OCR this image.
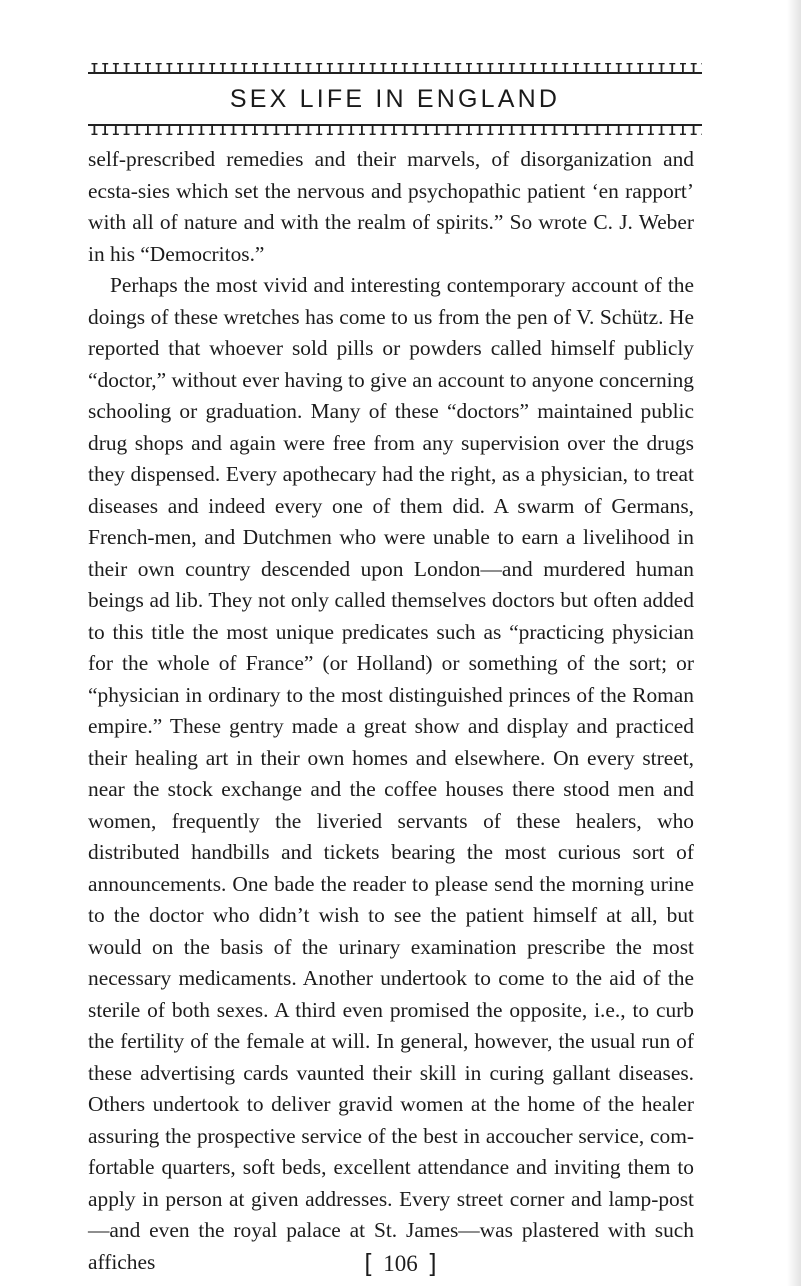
SEX LIFE IN ENGLAND

self-prescribed remedies and their marvels, of disorganization and ecsta-sies which set the nervous and psychopathic patient ‘en rapport’ with all of nature and with the realm of spirits.” So wrote C. J. Weber in his “Democritos.”

Perhaps the most vivid and interesting contemporary account of the doings of these wretches has come to us from the pen of V. Schütz. He reported that whoever sold pills or powders called himself publicly “doctor,” without ever having to give an account to anyone concerning schooling or graduation. Many of these “doctors” maintained public drug shops and again were free from any supervision over the drugs they dispensed. Every apothecary had the right, as a physician, to treat diseases and indeed every one of them did. A swarm of Germans, French-men, and Dutchmen who were unable to earn a livelihood in their own country descended upon London—and murdered human beings ad lib. They not only called themselves doctors but often added to this title the most unique predicates such as “practicing physician for the whole of France” (or Holland) or something of the sort; or “physician in ordinary to the most distinguished princes of the Roman empire.” These gentry made a great show and display and practiced their healing art in their own homes and elsewhere. On every street, near the stock exchange and the coffee houses there stood men and women, frequently the liveried servants of these healers, who distributed handbills and tickets bearing the most curious sort of announcements. One bade the reader to please send the morning urine to the doctor who didn’t wish to see the patient himself at all, but would on the basis of the urinary examination prescribe the most necessary medicaments. Another undertook to come to the aid of the sterile of both sexes. A third even promised the opposite, i.e., to curb the fertility of the female at will. In general, however, the usual run of these advertising cards vaunted their skill in curing gallant diseases. Others undertook to deliver gravid women at the home of the healer assuring the prospective service of the best in accoucher service, com-fortable quarters, soft beds, excellent attendance and inviting them to apply in person at given addresses. Every street corner and lamp-post—and even the royal palace at St. James—was plastered with such affiches	[ 106 ]
